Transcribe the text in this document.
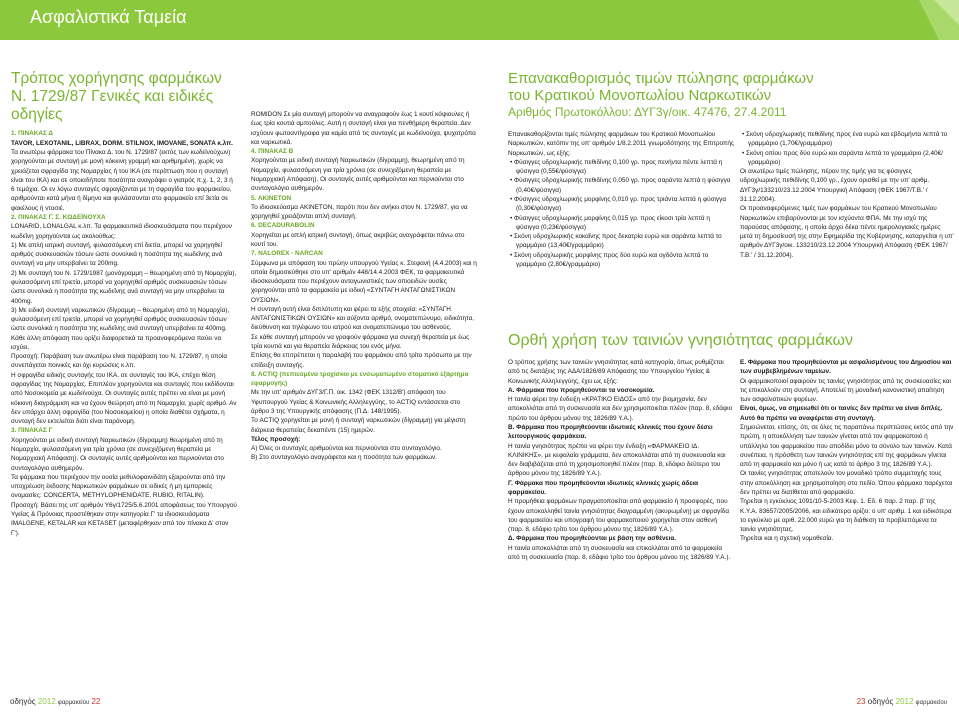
Ασφαλιστικά Ταμεία
Τρόπος χορήγησης φαρμάκων Ν. 1729/87 Γενικές και ειδικές οδηγίες

1. ΠΙΝΑΚΑΣ Δ

TAVOR, LEXOTANIL, LIBRAX, DORM. STILNOX, IMOVANE, SONATA κ.λπ.

Τα ανωτέρω φάρμακα του Πίνακα Δ. του Ν. 1729/87 (εκτός των κωδεϊνούχων) χορηγούνται με συνταγή με μονή κόκκινη γραμμή και αριθμημένη, χωρίς να χρειάζεται σφραγίδα της Νομαρχίας ή του ΙΚΑ (σε περίπτωση που η συνταγή είναι του ΙΚΑ) και σε οποιαδήποτε ποσότητα αναγράφει ο γιατρός π.χ. 1, 2, 3 ή 6 τεμάχια. Οι εν λόγω συνταγές σφραγίζονται με τη σφραγίδα του φαρμακείου, αριθμούνται κατά μήνα ή δίμηνο και φυλάσσονται στο φαρμακείο επί 3ετία σε φακέλους ή ντοσιέ.

2. ΠΙΝΑΚΑΣ Γ. Σ. ΚΩΔΕΪΝΟΥΧΑ

LONARID, LONALGAL κ.λπ. Τα φαρμακευτικά ιδιοσκευάσματα που περιέχουν κωδεΐνη χορηγούνται ως ακολούθως:

1) Με απλή ιατρική συνταγή, φυλασσόμενη επί διετία, μπορεί να χορηγηθεί αριθμός συσκευασιών τόσων ώστε συνολικά η ποσότητα της κωδεΐνης ανά συνταγή να μην υπερβαίνει τα 200mg.

2) Με συνταγή του Ν. 1729/1987 (μονόγραμμη – θεωρημένη από τη Νομαρχία), φυλασσόμενη επί τριετία, μπορεί να χορηγηθεί αριθμός συσκευασιών τόσων ώστε συνολικά η ποσότητα της κωδεΐνης ανά συνταγή να μην υπερβαίνει τα 400mg.

3) Με ειδική συνταγή ναρκωτικών (δίγραμμη – θεωρημένη από τη Νομαρχία), φυλασσόμενη επί τριετία, μπορεί να χορηγηθεί αριθμός συσκευασιών τόσων ώστε συνολικά η ποσότητα της κωδεΐνης ανά συνταγή υπερβαίνει τα 400mg.

Κάθε άλλη απόφαση που ορίζει διαφορετικά τα προαναφερόμενα παύει να ισχύει.

Προσοχή: Παράβαση των ανωτέρω είναι παράβαση του Ν. 1729/87, η οποία συνεπάγεται ποινικές και όχι κυρώσεις κ.λπ.

Η σφραγίδα ειδικής συνταγής του ΙΚΑ, σε συνταγές του ΙΚΑ, επέχει θέση σφραγίδας της Νομαρχίας. Επιπλέον χορηγούνται και συνταγές που εκδίδονται από Νοσοκομεία με κωδεϊνούχα. Οι συνταγές αυτές πρέπει να είναι με μονή κόκκινη διαγράμμιση και να έχουν θεώρηση από τη Νομαρχία, χωρίς αριθμό. Αν δεν υπάρχει άλλη σφραγίδα (του Νοσοκομείου) η οποία διαθέτει σχήματα, η συνταγή δεν εκτελείται διότι είναι παράνομη.

3. ΠΙΝΑΚΑΣ Γ

Χορηγούνται με ειδική συνταγή Ναρκωτικών (δίγραμμη) θεωρημένη από τη Νομαρχία, φυλασσόμενη για τρία χρόνια (σε συνεχιζόμενη θεραπεία με Νομαρχιακή Απόφαση). Οι συνταγές αυτές αριθμούνται και περνιούνται στο συνταγολόγιο αυθημερόν.

Τα φάρμακα που περιέχουν την ουσία μεθυλοφαινιδάτη εξαιρούνται από την υποχρέωση έκδοσης Ναρκωτικών φαρμάκων σε ειδικές ή μη εμπορικές ονομασίες: CONCERTA, METHYLOPHENIDATE, RUBIO, RITALIN).

Προσοχή: Βάσει της υπ' αριθμόν Υ6γ/1725/5.6.2001 αποφάσεως του Υπουργού Υγείας & Πρόνοιας προστέθηκαν στην κατηγορία Γ' τα ιδιοσκευάσματα IMALGENE, KETALAR και KETASET (μεταφέρθηκαν από τον πίνακα Δ' στον Γ').

ROMIDON Σε μία συνταγή μπορούν να αναγραφούν έως 1 κουτί κόψιουλες ή έως τρία κουτιά αμπούλες. Αυτή η συνταγή είναι για πενθήμερη θεραπεία. Δεν ισχύουν φωτοαντίγραφα για καμία από τις συνταγές με κωδεϊνούχα, ψυχοτρόπα και ναρκωτικά.

4. ΠΙΝΑΚΑΣ Β

Χορηγούνται με ειδική συνταγή Ναρκωτικών (δίγραμμη), θεωρημένη από τη Νομαρχία, φυλασσόμενη για τρία χρόνια (σε συνεχιζόμενη θεραπεία με Νομαρχιακή Απόφαση). Οι συνταγές αυτές αριθμούνται και περνιούνται στο συνταγολόγιο αυθημερόν.

5. AKINETON

Το ιδιοσκεύασμα AKINETON, παρότι που δεν ανήκει στον Ν. 1729/87, για να χορηγηθεί χρειάζονται απλή συνταγή.

6. DECADURABOLIN

Χορηγείται με απλή ιατρική συνταγή, όπως ακριβώς αναγράφεται πάνω στο κουτί του.

7. NALOREX - NARCAN

Σύμφωνα με απόφαση του πρώην υπουργού Υγείας κ. Στεφανή (4.4.2003) και η οποία δημοσιεύθηκε στο υπ' αριθμόν 448/14.4.2003 ΦΕΚ, τα φαρμακευτικά ιδιοσκευάσματα που περιέχουν ανταγωνιστικές των οπιοειδών ουσίες χορηγούνται από τα φαρμακεία με ειδική «ΣΥΝΤΑΓΗ ΑΝΤΑΓΩΝΙΣΤΙΚΩΝ ΟΥΣΙΩΝ».

Η συνταγή αυτή είναι διπλότυπη και φέρει τα εξής στοιχεία: «ΣΥΝΤΑΓΗ ΑΝΤΑΓΩΝΙΣΤΙΚΩΝ ΟΥΣΙΩΝ» και αύξοντα αριθμό, ονοματεπώνυμο, ειδικότητα, διεύθυνση και τηλέφωνο του ιατρού και ονοματεπώνυμο του ασθενούς.

Σε κάθε συνταγή μπορούν να γραφούν φάρμακα για συνεχή θεραπεία με έως τρία κουτιά και για θεραπεία διάρκειας του ενός μήνα.

Επίσης θα επιτρέπεται η παραλαβή του φαρμάκου από τρίτο πρόσωπο με την επίδειξη συνταγής.

8. ACTIQ (πεπιεσμένα τροχίσκοι με ενσωματωμένο στοματικό εξάρτημα εφαρμογής)

Με την υπ' αριθμόν ΔΥΓ3/Γ.Π. οικ. 1342 (ΦΕΚ 1312/Β') απόφαση του Υφυπουργού Υγείας & Κοινωνικής Αλληλεγγύης, το ACTIQ εντάσσεται στο άρθρο 3 της Υπουργικής απόφασης (Π.Δ. 148/1995).

Το ACTIQ χορηγείται με μονή ή συνταγή ναρκωτικών (δίγραμμη) για μέγιστη διάρκεια θεραπείας δεκαπέντε (15) ημερών.

Τέλος προσοχή:

Α) Όλες οι συνταγές αριθμούνται και περνιούνται στο συνταγολόγιο.

Β) Στο συνταγολόγιο αναγράφεται και η ποσότητα των φαρμάκων.

Επανακαθορισμός τιμών πώλησης φαρμάκων
του Κρατικού Μονοπωλίου Ναρκωτικών
Αριθμός Πρωτοκόλλου: ΔΥΓ3γ/οικ. 47476, 27.4.2011

Επανακαθορίζονται τιμές πώλησης φαρμάκων του Κρατικού Μονοπωλίου Ναρκωτικών, κατόπιν της υπ' αριθμόν 1/8.2.2011 γνωμοδότησης της Επιτροπής Ναρκωτικών, ως εξής:

• Φύσιγγες υδροχλωρικής πεθιδίνης 0,100 γρ. προς πενήντα πέντε λεπτά η φύσιγγα (0,55€/φύσιγγα)

• Φύσιγγες υδροχλωρικής πεθιδίνης 0,050 γρ. προς σαράντα λεπτά η φύσιγγα (0,40€/φύσιγγα)

• Φύσιγγες υδροχλωρικής μορφίνης 0,010 γρ. προς τριάντα λεπτά η φύσιγγα (0,30€/φύσιγγα)

• Φύσιγγες υδροχλωρικής μορφίνης 0,015 γρ. προς είκοσι τρία λεπτά η φύσιγγα (0,23€/φύσιγγα)

• Σκόνη υδροχλωρικής κοκαΐνης προς δεκατρία ευρώ και σαράντα λεπτά το γραμμάριο (13,40€/γραμμάριο)

• Σκόνη υδροχλωρικής μορφίνης προς δύο ευρώ και ογδόντα λεπτά το γραμμάριο (2,80€/γραμμάριο)

• Σκόνη υδροχλωρικής πεθιδίνης προς ένα ευρώ και εβδομήντα λεπτά το γραμμάριο (1,70€/γραμμάριο)

• Σκόνη οπίου προς δύο ευρώ και σαράντα λεπτά το γραμμάριο (2,40€/γραμμάριο)

Οι ανωτέρω τιμές πώλησης, πέραν της τιμής για τις φύσιγγες υδροχλωρικής πεθιδίνης 0,100 γρ., έχουν ορισθεί με την υπ' αριθμ. ΔΥΓ3γ/133210/23.12.2004 Υπουργική Απόφαση (ΦΕΚ 1967/Τ.Β.' / 31.12.2004).

Οι προαναφερόμενες τιμές των φαρμάκων του Κρατικού Μονοπωλίου Ναρκωτικών επιβαρύνονται με τον ισχύοντα ΦΠΑ. Με την ισχύ της παρούσας απόφασης, η οποία άρχει δέκα πέντε ημερολογιακές ημέρες μετά τη δημοσίευσή της στην Εφημερίδα της Κυβέρνησης, καταργείται η υπ' αριθμόν ΔΥΓ3γ/οικ. 133210/23.12.2004 Υπουργική Απόφαση (ΦΕΚ 1967/Τ.Β.' / 31.12.2004).

Ορθή χρήση των ταινιών γνησιότητας φαρμάκων

Ο τρόπος χρήσης των ταινιών γνησιότητας κατά κατηγορία, όπως ρυθμίζεται από τις διατάξεις της ΑΔΑ/1826/89 Απόφασης του Υπουργείου Υγείας & Κοινωνικής Αλληλεγγύης, έχει ως εξής:

Α. Φάρμακα που προμηθεύονται τα νοσοκομεία.

Η ταινία φέρει την ένδειξη «ΚΡΑΤΙΚΟ ΕΙΔΟΣ» από την βιομηχανία, δεν αποκολλάται από τη συσκευασία και δεν χρησιμοποιείται πλέον (παρ. 8, εδάφιο πρώτο του άρθρου μόνου της 1826/89 Υ.Α.).

Β. Φάρμακα που προμηθεύονται ιδιωτικές κλινικές που έχουν δέσει λειτουργικούς φαρμάκεια.

Η ταινία γνησιότητας πρέπει να φέρει την ένδειξη «ΦΑΡΜΑΚΕΙΟ ΙΔ. ΚΛΙΝΙΚΗΣ», με κεφαλαία γράμματα, δεν αποκολλάται από τη συσκευασία και δεν διαβιβάζεται από τη χρησιμοποιηθεί πλέον (παρ. 8, εδάφιο δεύτερο του άρθρου μόνου της 1826/89 Υ.Α.).

Γ. Φάρμακα που προμηθεύονται ιδιωτικές κλινικές χωρίς άδεια φαρμακείου.

Η προμήθεια φαρμάκων πραγματοποιείται από φαρμακείο ή προσφορές, που έχουν αποκολληθεί ταινία γνησιότητας διαγραμμένη (ακυρωμένη) με σφραγίδα του φαρμακείου και υπογραφή του φαρμακοποιού χορηγείται στον ασθενή (παρ. 8, εδάφιο τρίτο του άρθρου μόνου της 1826/89 Υ.Α.).

Δ. Φάρμακα που προμηθεύονται με βάση την ασθένεια.

Η ταινία αποκολλάται από τη συσκευασία και επικολλάται από τα φαρμακεία από τη συσκευασία (παρ. 8, εδάφιο τρίτο του άρθρου μόνου της 1826/89 Υ.Α.).

Ε. Φάρμακα που προμηθεύονται με ασφαλισμένους του Δημοσίου και των συμβεβλημένων ταμείων.

Οι φαρμακοποιοί αφαιρούν τις ταινίες γνησιότητας από τις συσκευασίες και τις επικολλούν στη συνταγή. Αποτελεί τη μοναδική κανονιστική απαίτηση των ασφαλιστικών φορέων.

Είναι, όμως, να σημειωθεί ότι οι ταινίες δεν πρέπει να είναι διπλές. Αυτό θα πρέπει να αναφέρεται στη συνταγή.

Σημειώνεται, επίσης, ότι, σε όλες τις παραπάνω περιπτώσεις εκτός από την πρώτη, η αποκόλληση των ταινιών γίνεται από τον φαρμακοποιό ή υπάλληλο του φαρμακείου που αποδίδει μόνο το σύνολο των ταινιών. Κατά συνέπεια, η πρόσθετη των ταινιών γνησιότητας επί της φαρμάκων γίνεται από τη φαρμακείο και μόνο ή ως κατά το άρθρο 3 της 1826/89 Υ.Α.).

Οι ταινίες γνησιότητας αποτελούν τον μοναδικό τρόπο συμμετοχής τους στην αποκόλληση και χρησιμοποίηση στο πεδίο. Όπου φάρμακο παρέχεται δεν πρέπει να διατίθεται από φαρμακείο.

Τηρείται η εγκύκλιος 1091/10-5-2003 Κεφ. 1. Εδ. 6 παρ. 2 παρ. β' της Κ.Υ.Α. 83657/2005/2006, και ειδικότερα ορίζει: ο υπ' αριθμ. 1 και ειδικότερα το εγκύκλιο με αριθ. 22.000 ευρώ για τη διάθεση τα προβλεπόμενα τα ταινία γνησιότητας.

Τηρείται και η σχετική νομοθεσία.

οδηγός 2012 φαρμακείου 22	23 οδηγός 2012 φαρμακείου
